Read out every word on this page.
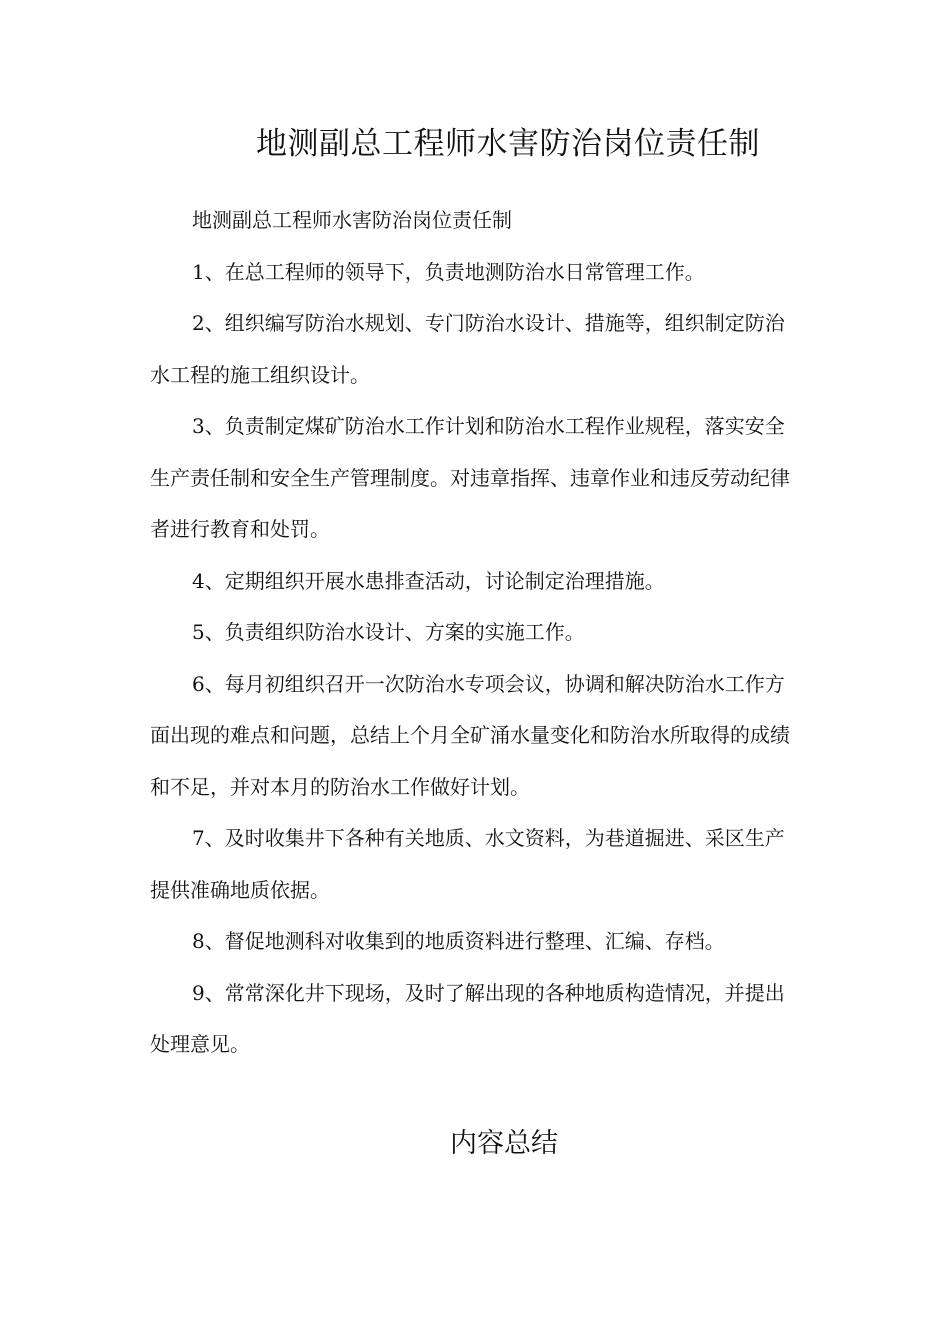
地测副总工程师水害防治岗位责任制

地测副总工程师水害防治岗位责任制

1、在总工程师的领导下，负责地测防治水日常管理工作。

2、组织编写防治水规划、专门防治水设计、措施等，组织制定防治水工程的施工组织设计。

3、负责制定煤矿防治水工作计划和防治水工程作业规程，落实安全生产责任制和安全生产管理制度。对违章指挥、违章作业和违反劳动纪律者进行教育和处罚。

4、定期组织开展水患排查活动，讨论制定治理措施。

5、负责组织防治水设计、方案的实施工作。

6、每月初组织召开一次防治水专项会议，协调和解决防治水工作方面出现的难点和问题，总结上个月全矿涌水量变化和防治水所取得的成绩和不足，并对本月的防治水工作做好计划。

7、及时收集井下各种有关地质、水文资料，为巷道掘进、采区生产提供准确地质依据。

8、督促地测科对收集到的地质资料进行整理、汇编、存档。

9、常常深化井下现场，及时了解出现的各种地质构造情况，并提出处理意见。

内容总结
